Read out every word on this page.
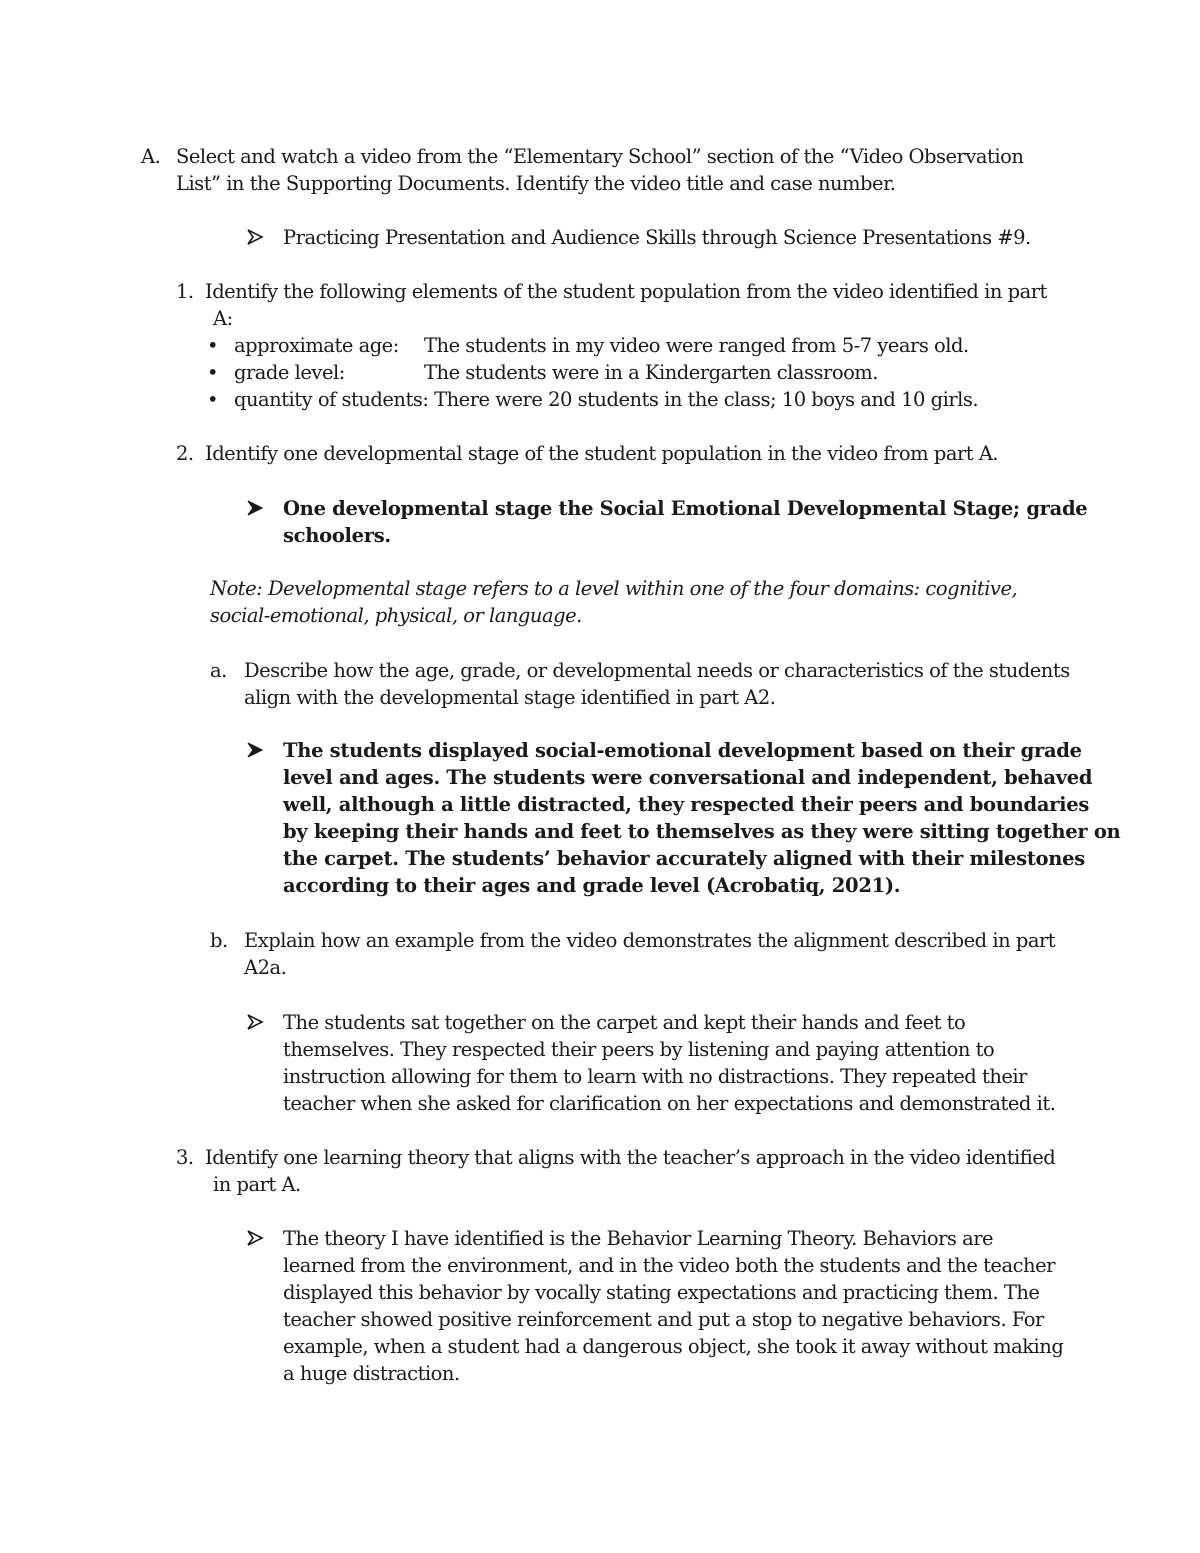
A. Select and watch a video from the “Elementary School” section of the “Video Observation
List” in the Supporting Documents. Identify the video title and case number.
Practicing Presentation and Audience Skills through Science Presentations #9.
1. Identify the following elements of the student population from the video identified in part
A:
• approximate age: The students in my video were ranged from 5-7 years old.
• grade level:	The students were in a Kindergarten classroom.
• quantity of students: There were 20 students in the class; 10 boys and 10 girls.
2. Identify one developmental stage of the student population in the video from part A.
One developmental stage the Social Emotional Developmental Stage; grade
schoolers.
Note: Developmental stage refers to a level within one of the four domains: cognitive,
social-emotional, physical, or language.
a. Describe how the age, grade, or developmental needs or characteristics of the students
align with the developmental stage identified in part A2.
The students displayed social-emotional development based on their grade
level and ages. The students were conversational and independent, behaved
well, although a little distracted, they respected their peers and boundaries
by keeping their hands and feet to themselves as they were sitting together on
the carpet. The students’ behavior accurately aligned with their milestones
according to their ages and grade level (Acrobatiq, 2021).
b. Explain how an example from the video demonstrates the alignment described in part
A2a.
The students sat together on the carpet and kept their hands and feet to
themselves. They respected their peers by listening and paying attention to
instruction allowing for them to learn with no distractions. They repeated their
teacher when she asked for clarification on her expectations and demonstrated it.
3. Identify one learning theory that aligns with the teacher’s approach in the video identified
in part A.
The theory I have identified is the Behavior Learning Theory. Behaviors are
learned from the environment, and in the video both the students and the teacher
displayed this behavior by vocally stating expectations and practicing them. The
teacher showed positive reinforcement and put a stop to negative behaviors. For
example, when a student had a dangerous object, she took it away without making
a huge distraction.
